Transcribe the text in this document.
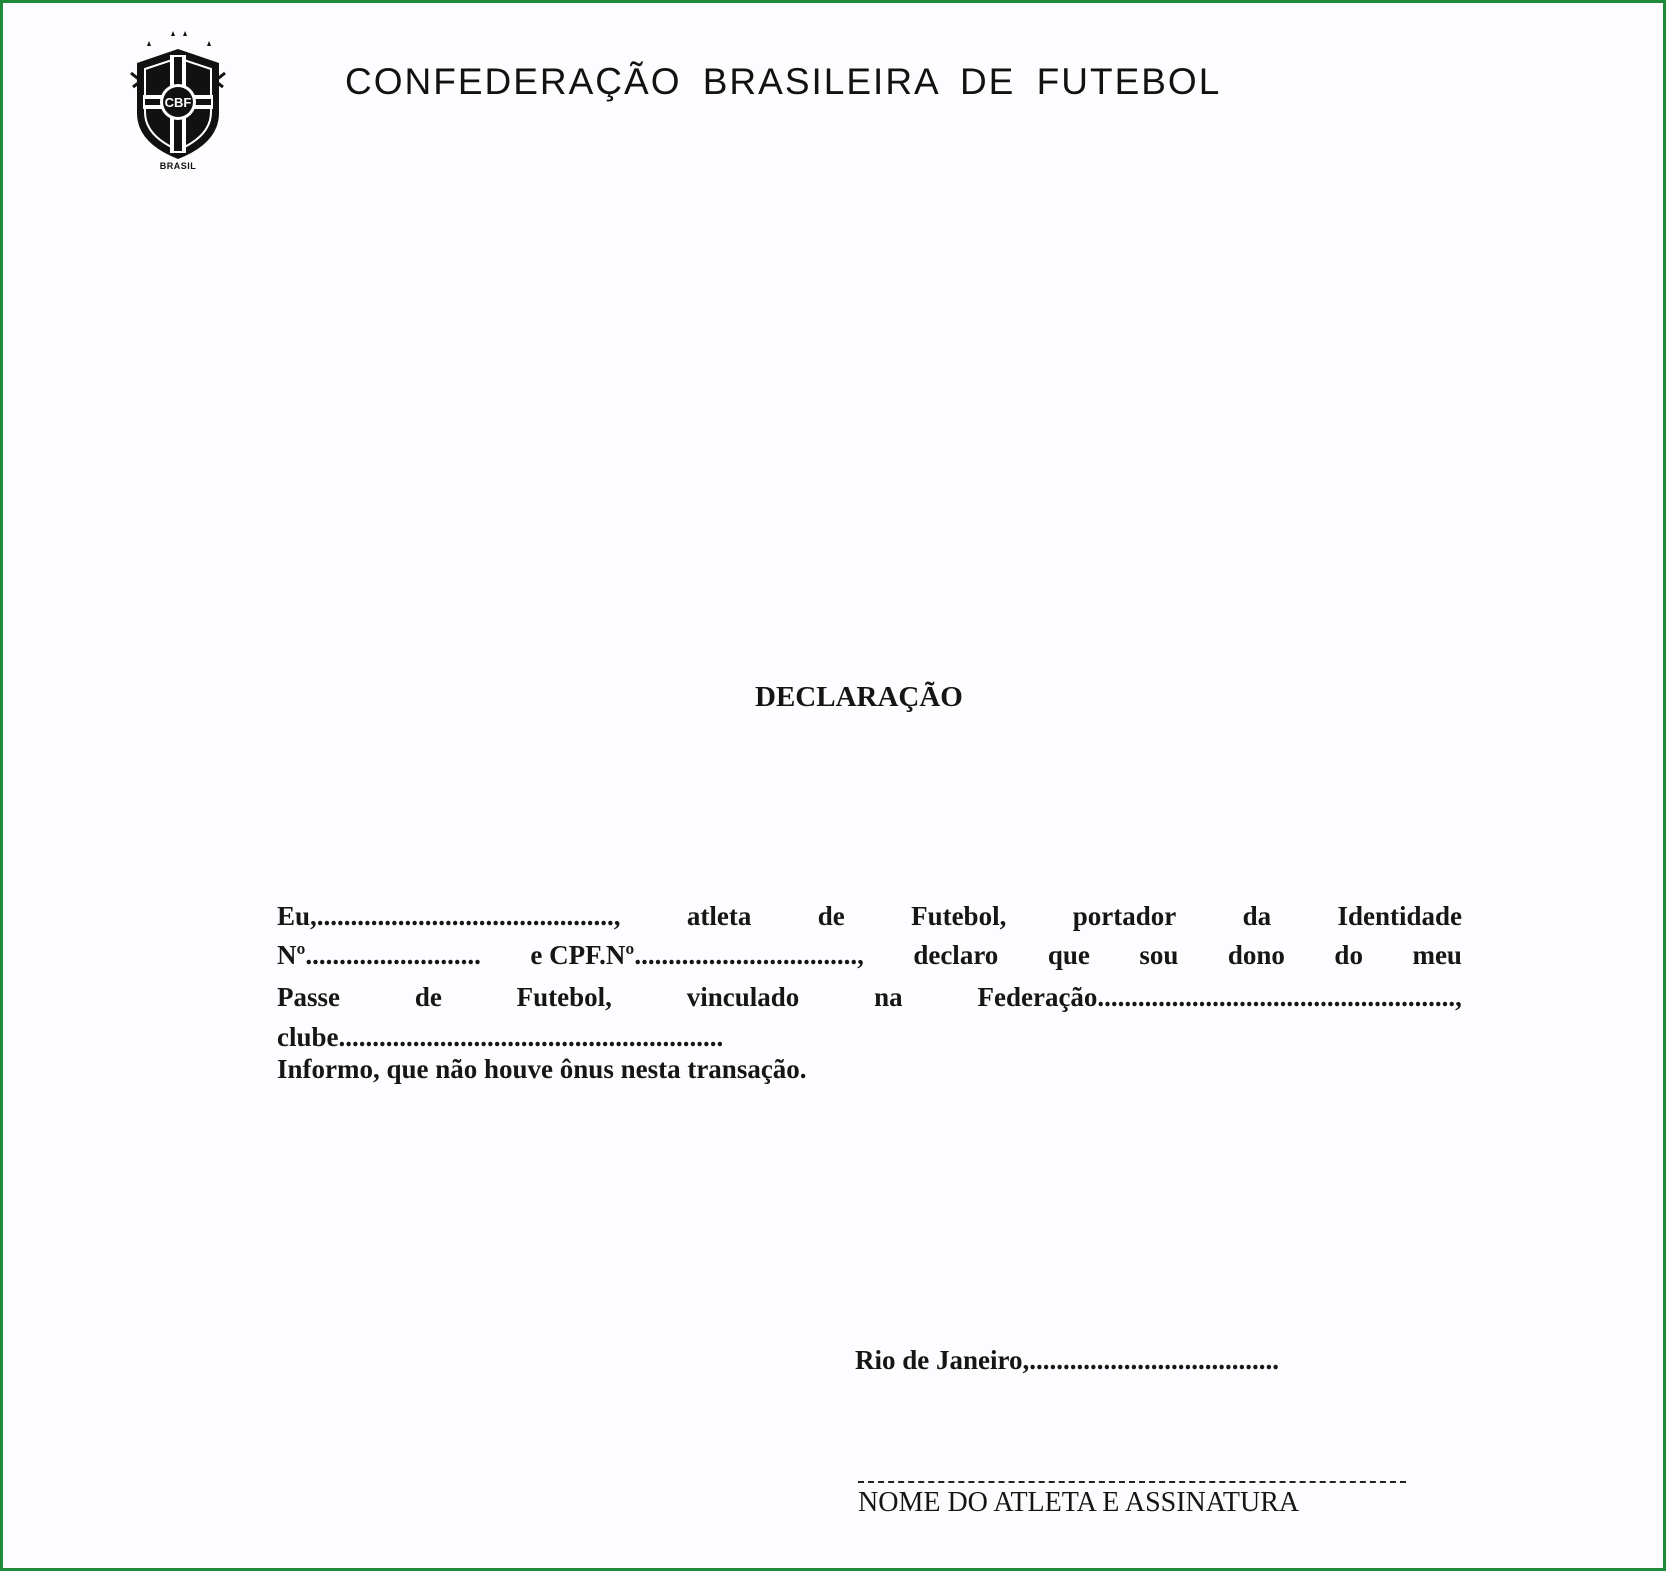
CBF
BRASIL
CONFEDERAÇÃO BRASILEIRA DE FUTEBOL
DECLARAÇÃO
Eu,............................................, atleta de Futebol, portador da Identidade
Nº.......................... e CPF.Nº................................., declaro que sou dono do meu
Passe	de	Futebol,	vinculado	na	Federação.....................................................,
clube.........................................................
Informo, que não houve ônus nesta transação.
Rio de Janeiro,.....................................
NOME DO ATLETA E ASSINATURA
